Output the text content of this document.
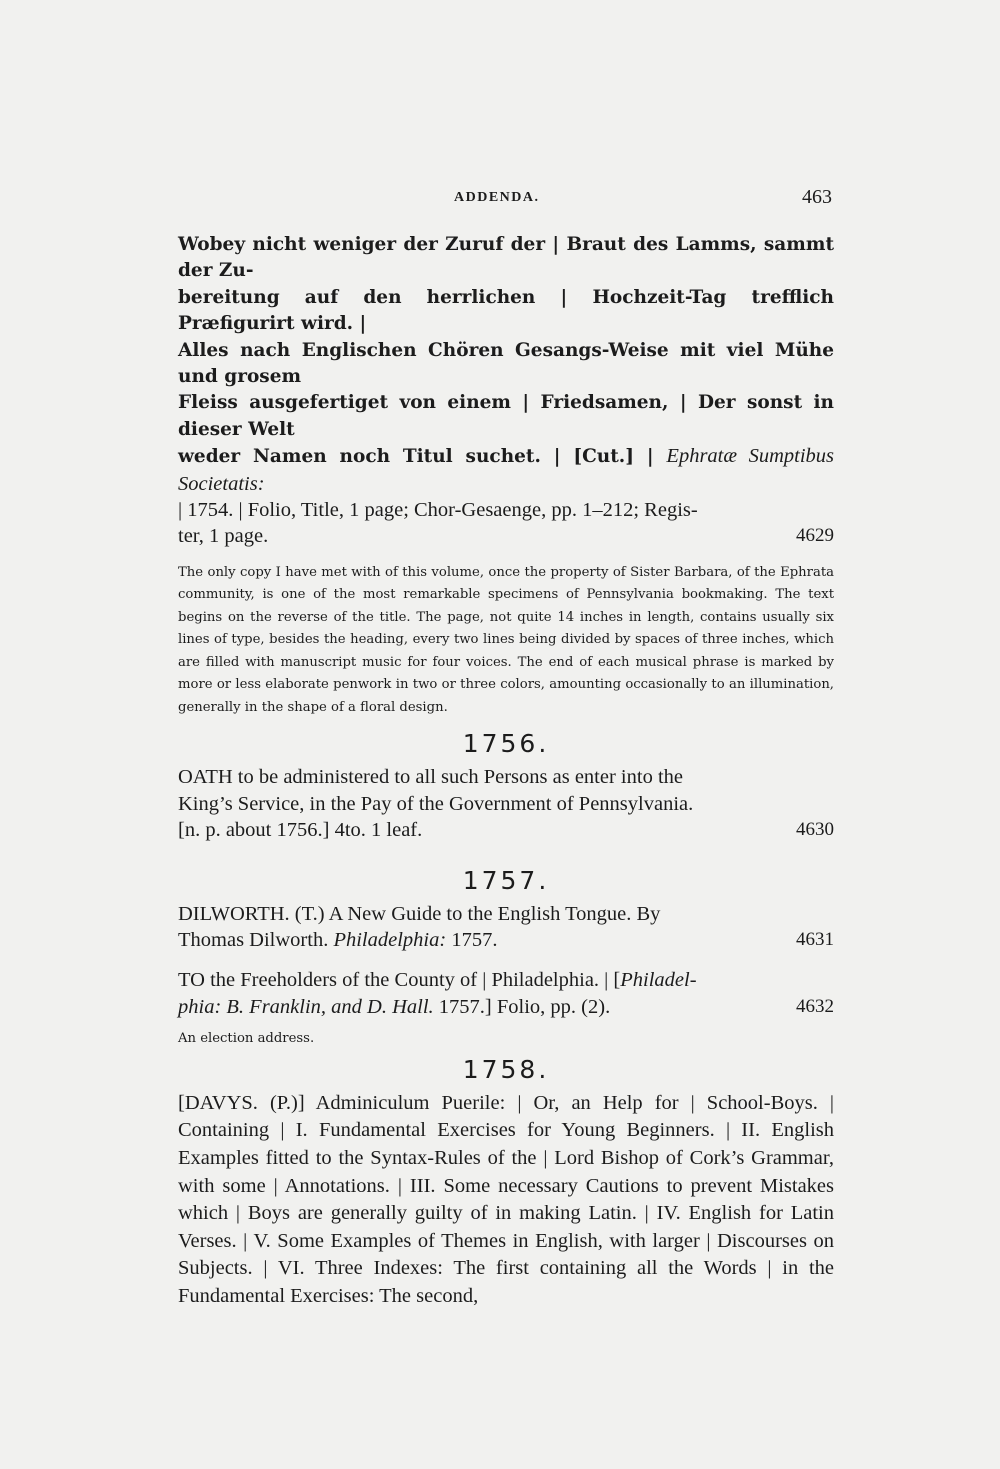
ADDENDA.	463
Wobey nicht weniger der Zuruf der | Braut des Lamms, sammt der Zu-
bereitung auf den herrlichen | Hochzeit-Tag trefflich Præfigurirt wird. |
Alles nach Englischen Chören Gesangs-Weise mit viel Mühe und grosem
Fleiss ausgefertiget von einem | Friedsamen, | Der sonst in dieser Welt
weder Namen noch Titul suchet. | [Cut.] | Ephratæ Sumptibus Societatis:
| 1754. | Folio, Title, 1 page; Chor-Gesaenge, pp. 1–212; Regis-
ter, 1 page.	4629

The only copy I have met with of this volume, once the property of Sister Barbara, of the Ephrata community, is one of the most remarkable specimens of Pennsylvania bookmaking. The text begins on the reverse of the title. The page, not quite 14 inches in length, contains usually six lines of type, besides the heading, every two lines being divided by spaces of three inches, which are filled with manuscript music for four voices. The end of each musical phrase is marked by more or less elaborate penwork in two or three colors, amounting occasionally to an illumination, generally in the shape of a floral design.

1756.
OATH to be administered to all such Persons as enter into the
King’s Service, in the Pay of the Government of Pennsylvania.
[n. p. about 1756.] 4to. 1 leaf.	4630
1757.
DILWORTH. (T.) A New Guide to the English Tongue. By
Thomas Dilworth. Philadelphia: 1757.	4631
TO the Freeholders of the County of | Philadelphia. | [Philadel-
phia: B. Franklin, and D. Hall. 1757.] Folio, pp. (2).	4632

An election address.

1758.

[DAVYS. (P.)] Adminiculum Puerile: | Or, an Help for | School-Boys. | Containing | I. Fundamental Exercises for Young Beginners. | II. English Examples fitted to the Syntax-Rules of the | Lord Bishop of Cork’s Grammar, with some | Annotations. | III. Some necessary Cautions to prevent Mistakes which | Boys are generally guilty of in making Latin. | IV. English for Latin Verses. | V. Some Examples of Themes in English, with larger | Discourses on Subjects. | VI. Three Indexes: The first containing all the Words | in the Fundamental Exercises: The second,
